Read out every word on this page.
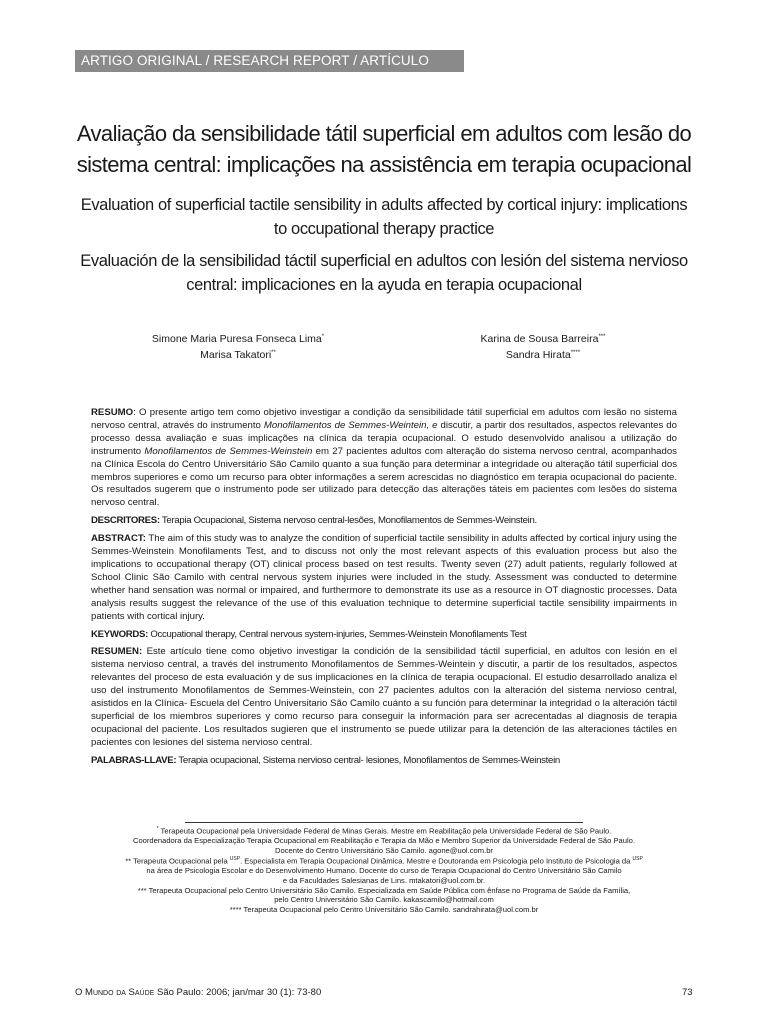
ARTIGO ORIGINAL / RESEARCH REPORT / ARTÍCULO
Avaliação da sensibilidade tátil superficial em adultos com lesão do sistema central: implicações na assistência em terapia ocupacional
Evaluation of superficial tactile sensibility in adults affected by cortical injury: implications to occupational therapy practice
Evaluación de la sensibilidad táctil superficial en adultos con lesión del sistema nervioso central: implicaciones en la ayuda en terapia ocupacional
Simone Maria Puresa Fonseca Lima*
Marisa Takatori**
Karina de Sousa Barreira***
Sandra Hirata****

RESUMO: O presente artigo tem como objetivo investigar a condição da sensibilidade tátil superficial em adultos com lesão no sistema nervoso central, através do instrumento Monofilamentos de Semmes-Weintein, e discutir, a partir dos resultados, aspectos relevantes do processo dessa avaliação e suas implicações na clínica da terapia ocupacional. O estudo desenvolvido analisou a utilização do instrumento Monofilamentos de Semmes-Weinstein em 27 pacientes adultos com alteração do sistema nervoso central, acompanhados na Clínica Escola do Centro Universitário São Camilo quanto a sua função para determinar a integridade ou alteração tátil superficial dos membros superiores e como um recurso para obter informações a serem acrescidas no diagnóstico em terapia ocupacional do paciente. Os resultados sugerem que o instrumento pode ser utilizado para detecção das alterações táteis em pacientes com lesões do sistema nervoso central.

DESCRITORES: Terapia Ocupacional, Sistema nervoso central-lesões, Monofilamentos de Semmes-Weinstein.

ABSTRACT: The aim of this study was to analyze the condition of superficial tactile sensibility in adults affected by cortical injury using the Semmes-Weinstein Monofilaments Test, and to discuss not only the most relevant aspects of this evaluation process but also the implications to occupational therapy (OT) clinical process based on test results. Twenty seven (27) adult patients, regularly followed at School Clinic São Camilo with central nervous system injuries were included in the study. Assessment was conducted to determine whether hand sensation was normal or impaired, and furthermore to demonstrate its use as a resource in OT diagnostic processes. Data analysis results suggest the relevance of the use of this evaluation technique to determine superficial tactile sensibility impairments in patients with cortical injury.

KEYWORDS: Occupational therapy, Central nervous system-injuries, Semmes-Weinstein Monofilaments Test

RESUMEN: Este artículo tiene como objetivo investigar la condición de la sensibilidad táctil superficial, en adultos con lesión en el sistema nervioso central, a través del instrumento Monofilamentos de Semmes-Weintein y discutir, a partir de los resultados, aspectos relevantes del proceso de esta evaluación y de sus implicaciones en la clínica de terapia ocupacional. El estudio desarrollado analiza el uso del instrumento Monofilamentos de Semmes-Weinstein, con 27 pacientes adultos con la alteración del sistema nervioso central, asistidos en la Clínica- Escuela del Centro Universitario São Camilo cuánto a su función para determinar la integridad o la alteración táctil superficial de los miembros superiores y como recurso para conseguir la información para ser acrecentadas al diagnosis de terapia ocupacional del paciente. Los resultados sugieren que el instrumento se puede utilizar para la detención de las alteraciones táctiles en pacientes con lesiones del sistema nervioso central.

PALABRAS-LLAVE: Terapia ocupacional, Sistema nervioso central- lesiones, Monofilamentos de Semmes-Weinstein

* Terapeuta Ocupacional pela Universidade Federal de Minas Gerais. Mestre em Reabilitação pela Universidade Federal de São Paulo.
Coordenadora da Especialização Terapia Ocupacional em Reabilitação e Terapia da Mão e Membro Superior da Universidade Federal de São Paulo.
Docente do Centro Universitário São Camilo. agone@uol.com.br
** Terapeuta Ocupacional pela $^{USP}$. Especialista em Terapia Ocupacional Dinâmica. Mestre e Doutoranda em Psicologia pelo Instituto de Psicologia da $^{USP}$
na área de Psicologia Escolar e do Desenvolvimento Humano. Docente do curso de Terapia Ocupacional do Centro Universitário São Camilo
e da Faculdades Salesianas de Lins. mtakatori@uol.com.br.
*** Terapeuta Ocupacional pelo Centro Universitário São Camilo. Especializada em Saúde Pública com ênfase no Programa de Saúde da Família,
pelo Centro Universitário São Camilo. kakascamilo@hotmail.com
**** Terapeuta Ocupacional pelo Centro Universitário São Camilo. sandrahirata@uol.com.br
O Mundo da Saúde São Paulo: 2006; jan/mar 30 (1): 73-80	73
